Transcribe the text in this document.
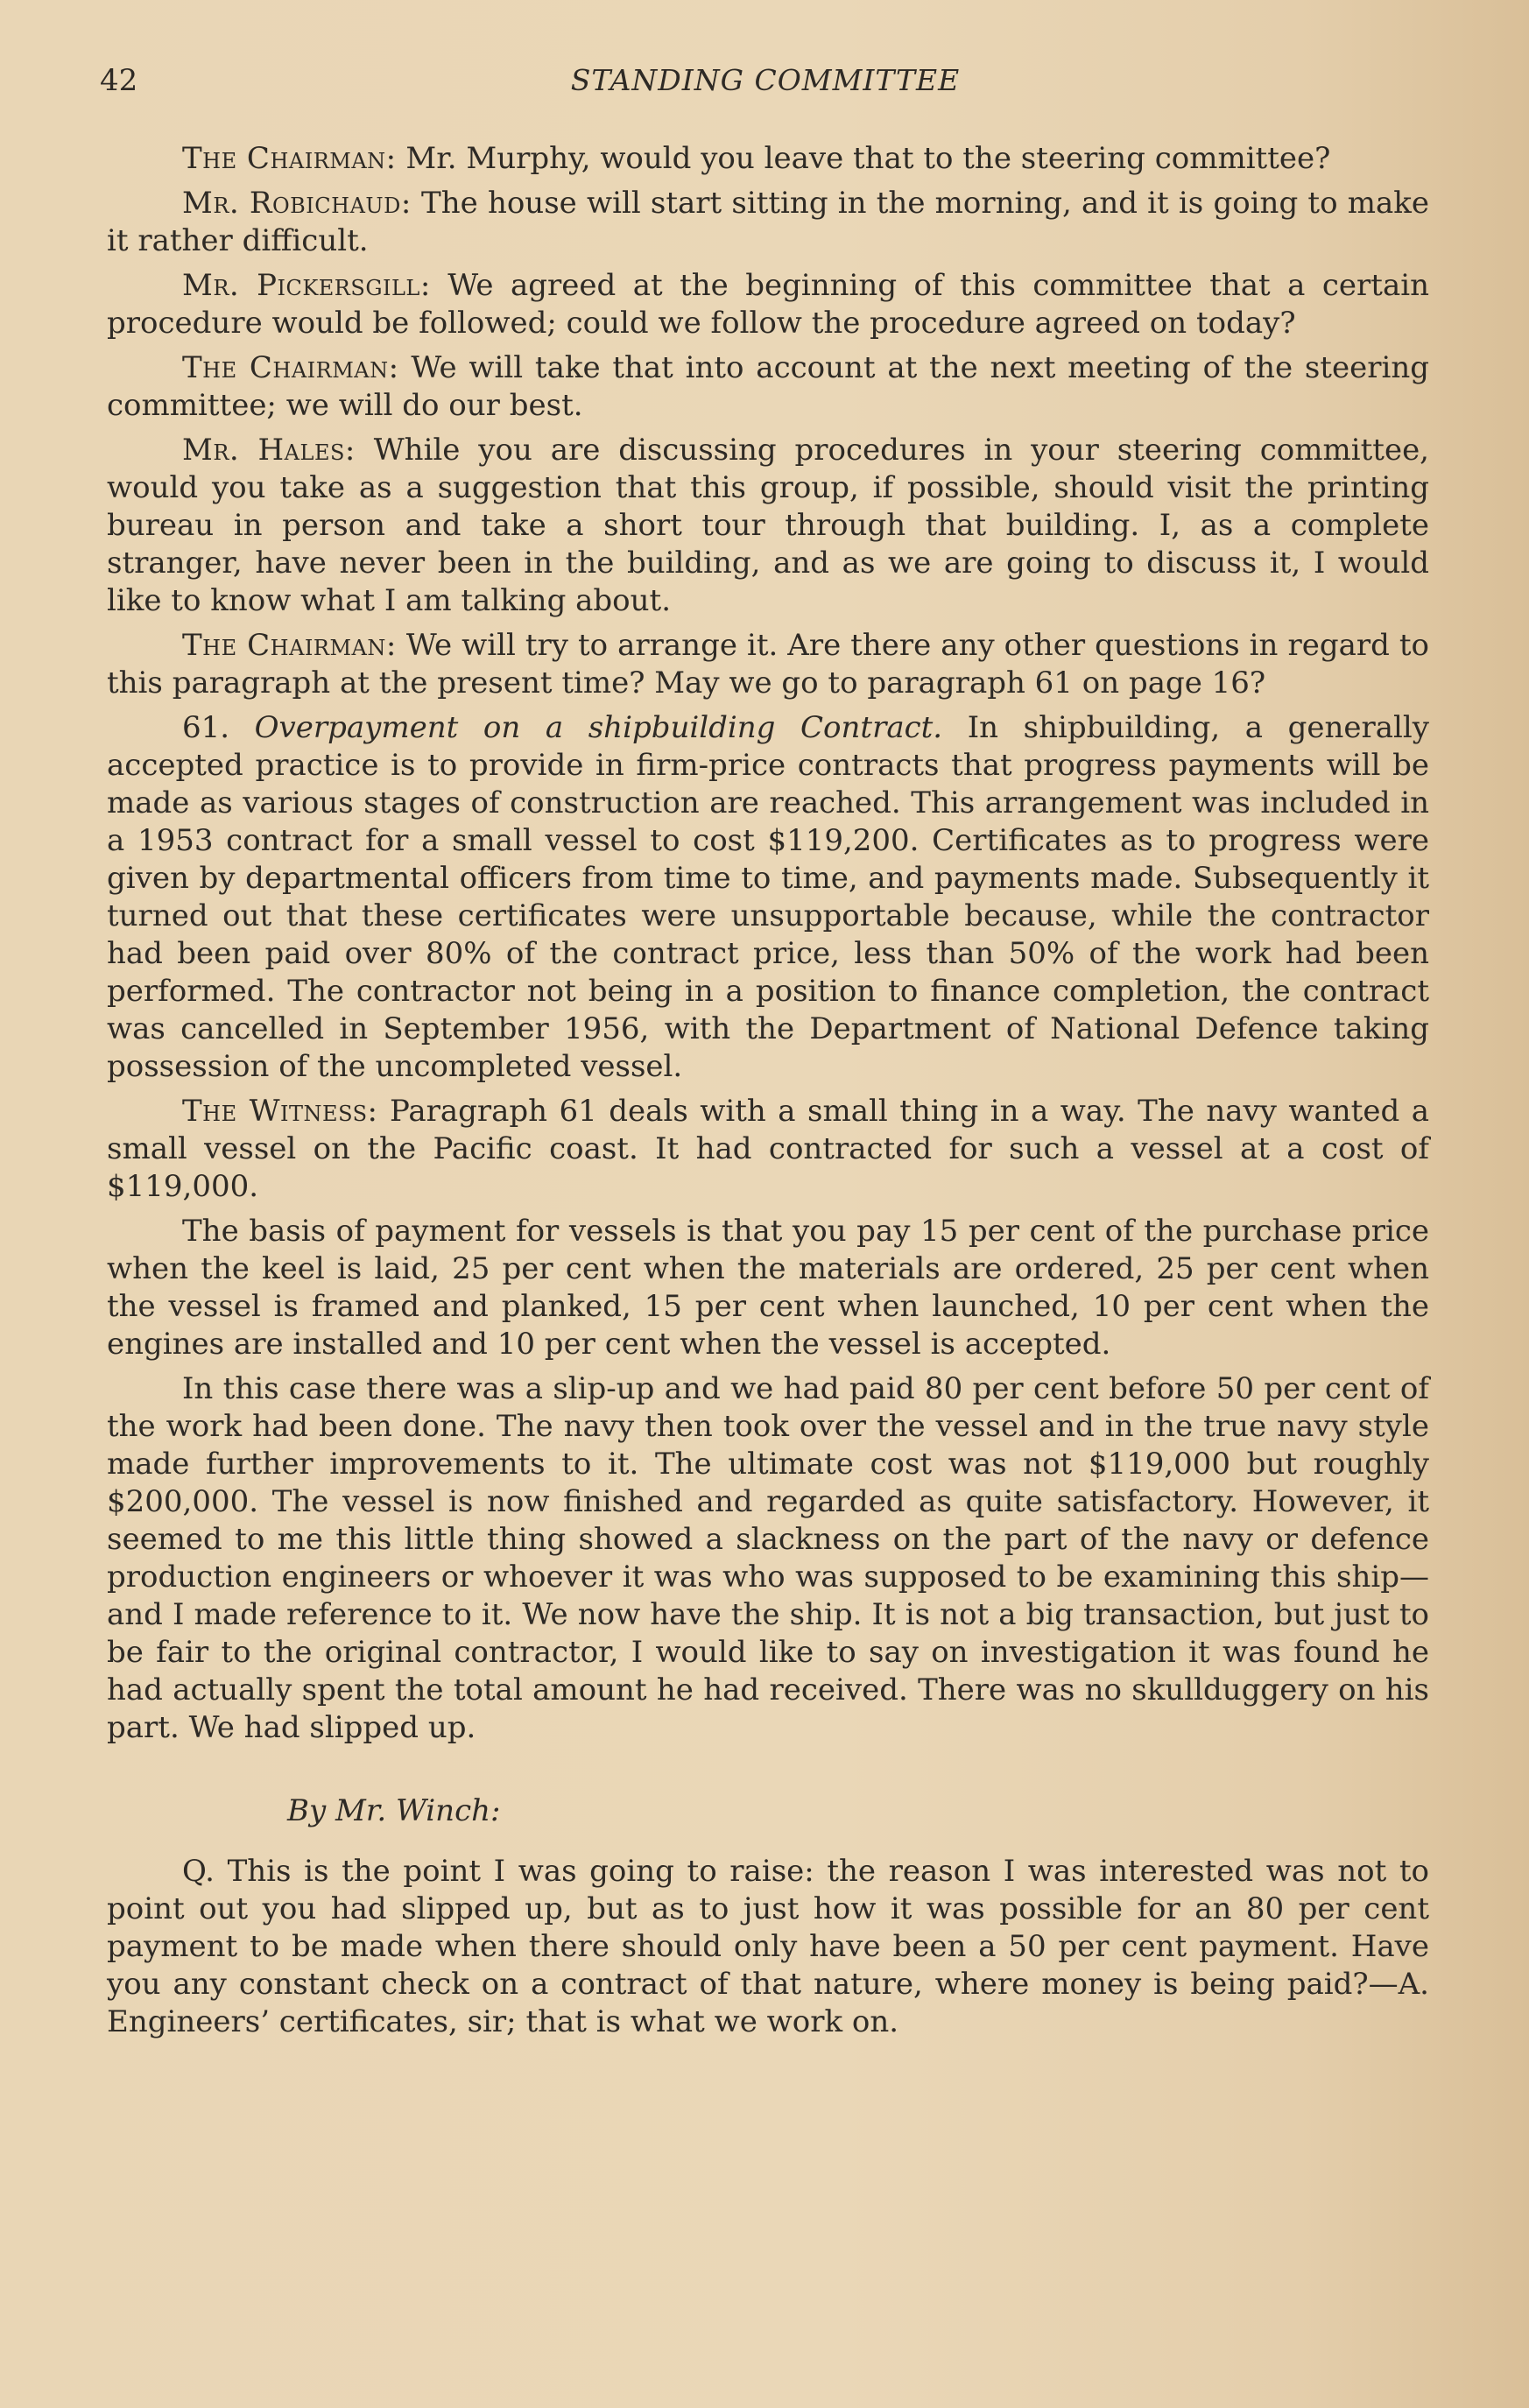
42	STANDING COMMITTEE

The Chairman: Mr. Murphy, would you leave that to the steering committee?

Mr. Robichaud: The house will start sitting in the morning, and it is going to make it rather difficult.

Mr. Pickersgill: We agreed at the beginning of this committee that a certain procedure would be followed; could we follow the procedure agreed on today?

The Chairman: We will take that into account at the next meeting of the steering committee; we will do our best.

Mr. Hales: While you are discussing procedures in your steering committee, would you take as a suggestion that this group, if possible, should visit the printing bureau in person and take a short tour through that building. I, as a complete stranger, have never been in the building, and as we are going to discuss it, I would like to know what I am talking about.

The Chairman: We will try to arrange it. Are there any other questions in regard to this paragraph at the present time? May we go to paragraph 61 on page 16?

61. Overpayment on a shipbuilding Contract. In shipbuilding, a generally accepted practice is to provide in firm-price contracts that progress payments will be made as various stages of construction are reached. This arrangement was included in a 1953 contract for a small vessel to cost $119,200. Certificates as to progress were given by departmental officers from time to time, and payments made. Subsequently it turned out that these certificates were unsupportable because, while the contractor had been paid over 80% of the contract price, less than 50% of the work had been performed. The contractor not being in a position to finance completion, the contract was cancelled in September 1956, with the Department of National Defence taking possession of the uncompleted vessel.

The Witness: Paragraph 61 deals with a small thing in a way. The navy wanted a small vessel on the Pacific coast. It had contracted for such a vessel at a cost of $119,000.

The basis of payment for vessels is that you pay 15 per cent of the purchase price when the keel is laid, 25 per cent when the materials are ordered, 25 per cent when the vessel is framed and planked, 15 per cent when launched, 10 per cent when the engines are installed and 10 per cent when the vessel is accepted.

In this case there was a slip-up and we had paid 80 per cent before 50 per cent of the work had been done. The navy then took over the vessel and in the true navy style made further improvements to it. The ultimate cost was not $119,000 but roughly $200,000. The vessel is now finished and regarded as quite satisfactory. However, it seemed to me this little thing showed a slackness on the part of the navy or defence production engineers or whoever it was who was supposed to be examining this ship—and I made reference to it. We now have the ship. It is not a big transaction, but just to be fair to the original contractor, I would like to say on investigation it was found he had actually spent the total amount he had received. There was no skullduggery on his part. We had slipped up.

By Mr. Winch:

Q. This is the point I was going to raise: the reason I was interested was not to point out you had slipped up, but as to just how it was possible for an 80 per cent payment to be made when there should only have been a 50 per cent payment. Have you any constant check on a contract of that nature, where money is being paid?—A. Engineers’ certificates, sir; that is what we work on.
